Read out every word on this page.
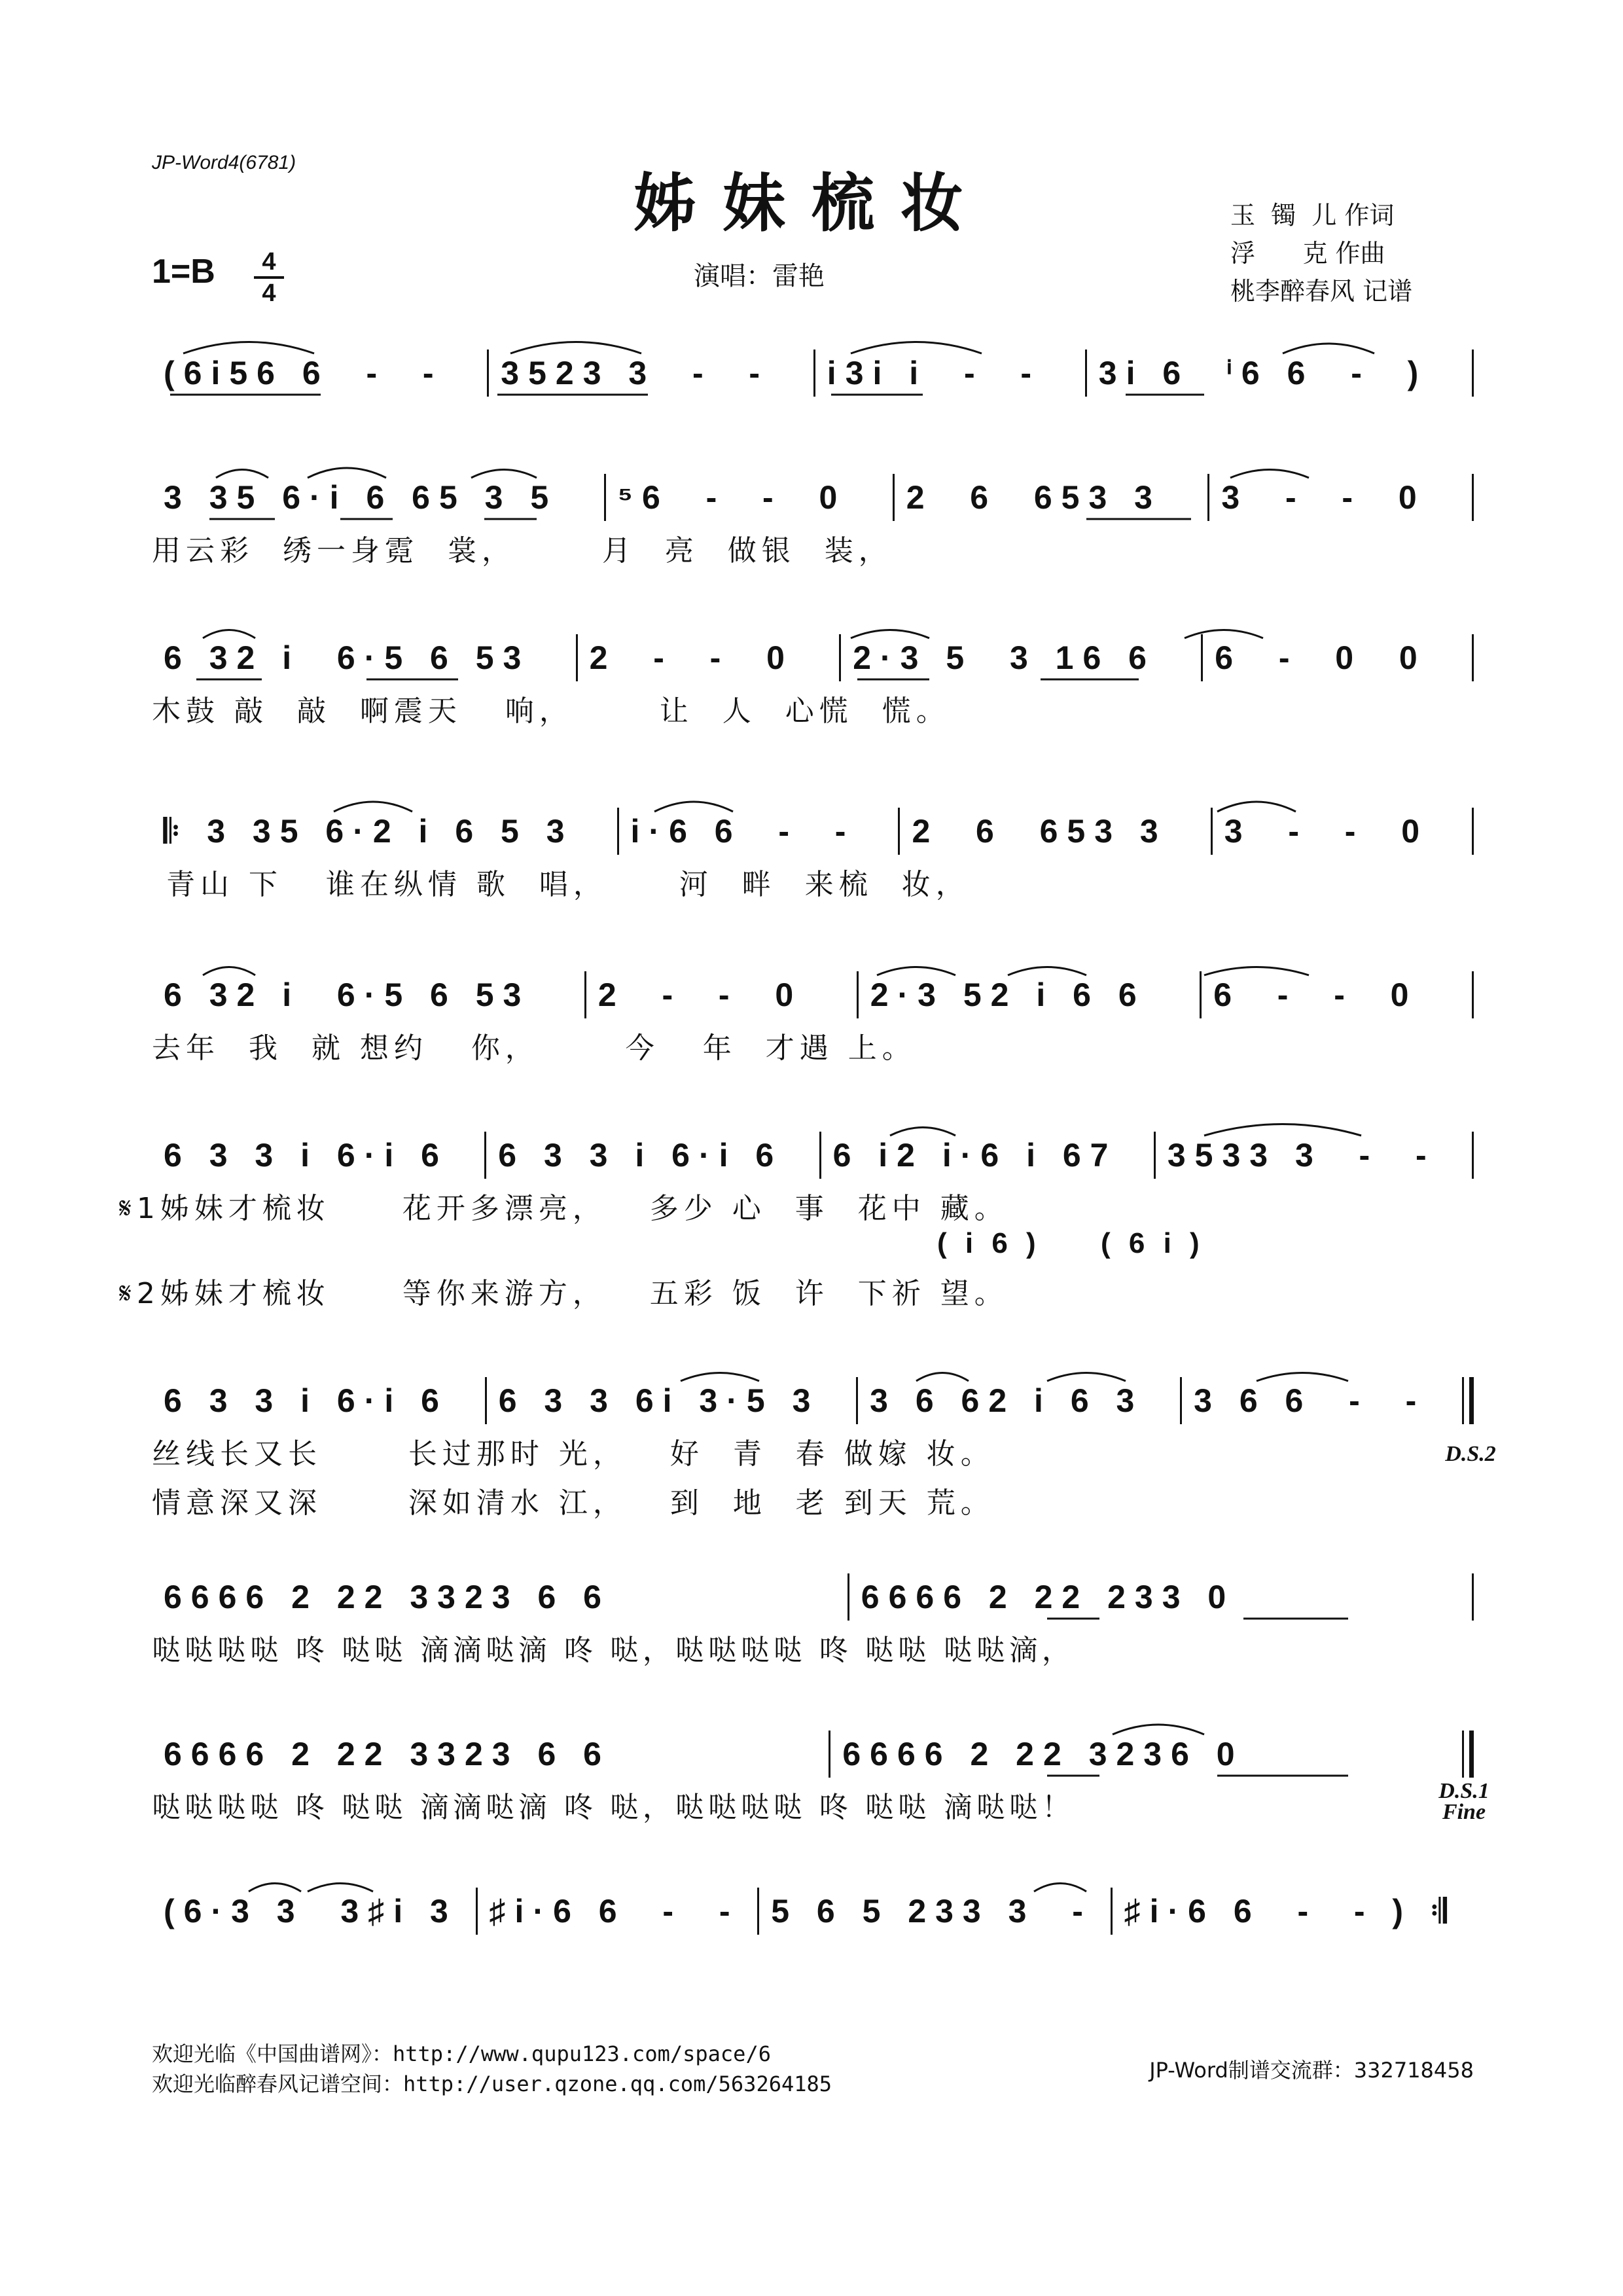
JP-Word4(6781)
姊妹梳妆
1=B	4
4
演唱：雷艳
玉  镯  儿 作词
浮      克 作曲
桃李醉春风 记谱
(6i56 6  -  -	3523 3  -  -	i3i i  -  -	3i 6  ⁱ6 6  -  )
3 35 6·i 6 65 3 5	⁵6  -  -  0	2  6  653 3	3  -  -  0
用云彩  绣一身霓  裳，      月  亮  做银  装，
6 32 i  6·5 6 53	2  -  -  0	2·3 5  3 16 6	6  -  0  0
木鼓 敲  敲  啊震天   响，      让  人  心慌  慌。
𝄆 3 35 6·2 i 6 5 3	i·6 6  -  -	2  6  653 3	3  -  -  0
青山 下   谁在纵情 歌  唱，     河  畔  来梳  妆，
6 32 i  6·5 6 53	2  -  -  0	2·3 52 i 6 6	6  -  -  0
去年  我  就 想约   你，      今   年  才遇 上。
6 3 3 i 6·i 6	6 3 3 i 6·i 6	6 i2 i·6 i 67	3533 3  -  -
𝄋1姊妹才梳妆     花开多漂亮，   多少 心  事  花中 藏。
( i 6 ) ( 6 i )
𝄋2姊妹才梳妆     等你来游方，   五彩 饭  许  下祈 望。
6 3 3 i 6·i 6	6 3 3 6i 3·5 3	3 6 62 i 6 3	3 6 6  -  -
丝线长又长      长过那时 光，   好  青  春 做嫁 妆。
情意深又深      深如清水 江，   到  地  老 到天 荒。
D.S.2
6666 2 22 3323 6 6	6666 2 22 233 0
哒哒哒哒 咚 哒哒 滴滴哒滴 咚 哒，哒哒哒哒 咚 哒哒 哒哒滴，
6666 2 22 3323 6 6	6666 2 22 3236 0
哒哒哒哒 咚 哒哒 滴滴哒滴 咚 哒，哒哒哒哒 咚 哒哒 滴哒哒！	D.S.1
Fine
(6·3 3  3♯i 3 ♯i·6 6  -  - 5 6 5 233 3  - ♯i·6 6  -  - ) 𝄇
欢迎光临《中国曲谱网》：http://www.qupu123.com/space/6
欢迎光临醉春风记谱空间：http://user.qzone.qq.com/563264185
JP-Word制谱交流群：332718458
